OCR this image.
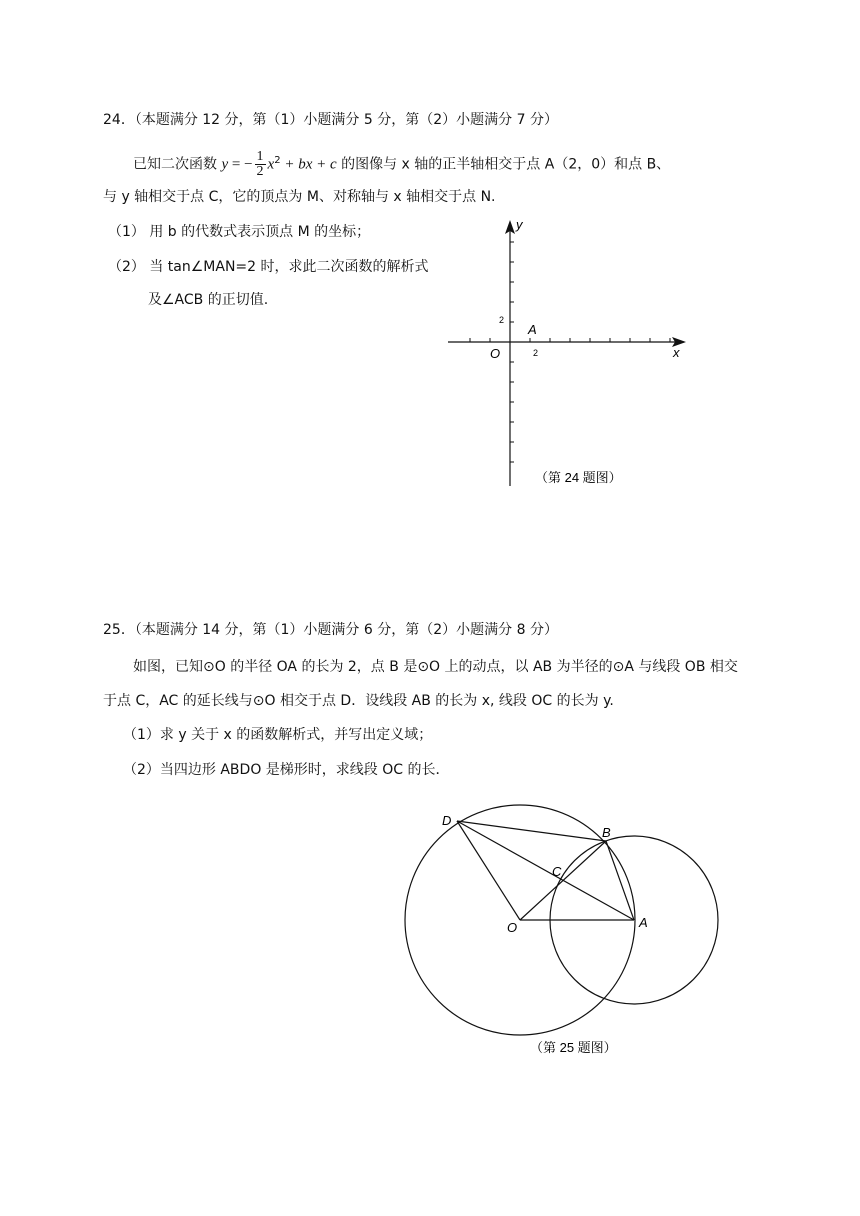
24．（本题满分 12 分，第（1）小题满分 5 分，第（2）小题满分 7 分）
已知二次函数 y = − $\frac{1}{2} x^2$ + bx + c 的图像与 x 轴的正半轴相交于点 A（2，0）和点 B、
与 y 轴相交于点 C，它的顶点为 M、对称轴与 x 轴相交于点 N.
（1） 用 b 的代数式表示顶点 M 的坐标；
（2） 当 tan∠MAN=2 时，求此二次函数的解析式
及∠ACB 的正切值.
y
x
O
A
2
2
（第 24 题图）
25．（本题满分 14 分，第（1）小题满分 6 分，第（2）小题满分 8 分）
如图，已知⊙O 的半径 OA 的长为 2，点 B 是⊙O 上的动点，以 AB 为半径的⊙A 与线段 OB 相交
于点 C，AC 的延长线与⊙O 相交于点 D．设线段 AB 的长为 x, 线段 OC 的长为 y.
（1）求 y 关于 x 的函数解析式，并写出定义域；
（2）当四边形 ABDO 是梯形时，求线段 OC 的长．
D
B
C
O	A
（第 25 题图）
